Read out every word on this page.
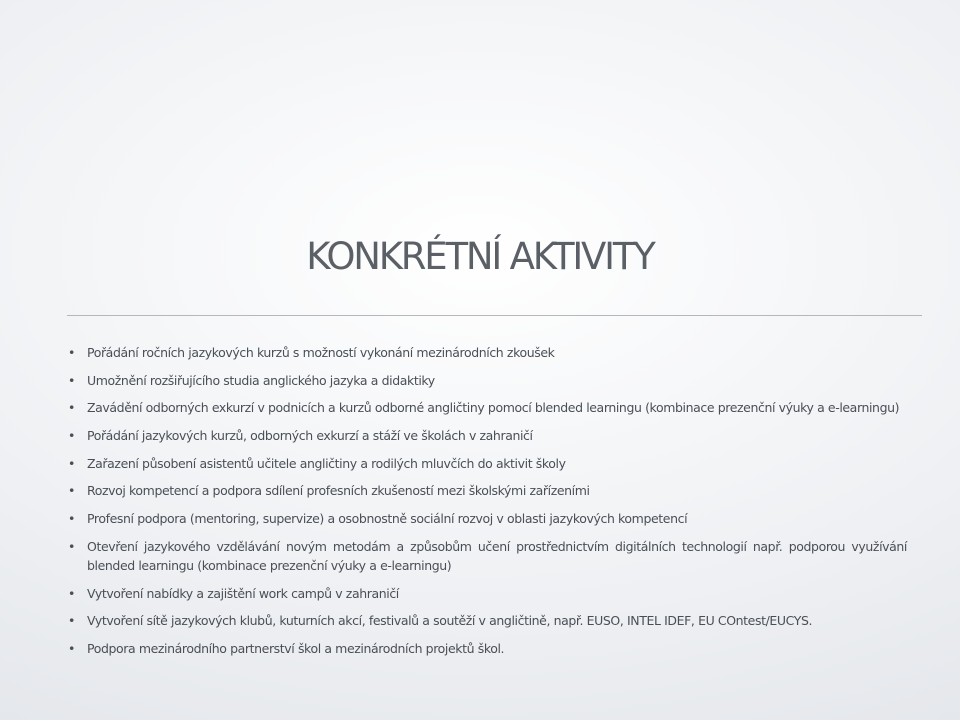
KONKRÉTNÍ AKTIVITY
• Pořádání ročních jazykových kurzů s možností vykonání mezinárodních zkoušek
• Umožnění rozšiřujícího studia anglického jazyka a didaktiky
• Zavádění odborných exkurzí v podnicích a kurzů odborné angličtiny pomocí blended learningu (kombinace prezenční výuky a e-learningu)
• Pořádání jazykových kurzů, odborných exkurzí a stáží ve školách v zahraničí
• Zařazení působení asistentů učitele angličtiny a rodilých mluvčích do aktivit školy
• Rozvoj kompetencí a podpora sdílení profesních zkušeností mezi školskými zařízeními
• Profesní podpora (mentoring, supervize) a osobnostně sociální rozvoj v oblasti jazykových kompetencí
• Otevření jazykového vzdělávání novým metodám a způsobům učení prostřednictvím digitálních technologií např. podporou využívání blended learningu (kombinace prezenční výuky a e-learningu)
• Vytvoření nabídky a zajištění work campů v zahraničí
• Vytvoření sítě jazykových klubů, kuturních akcí, festivalů a soutěží v angličtině, např. EUSO, INTEL IDEF, EU COntest/EUCYS.
• Podpora mezinárodního partnerství škol a mezinárodních projektů škol.
